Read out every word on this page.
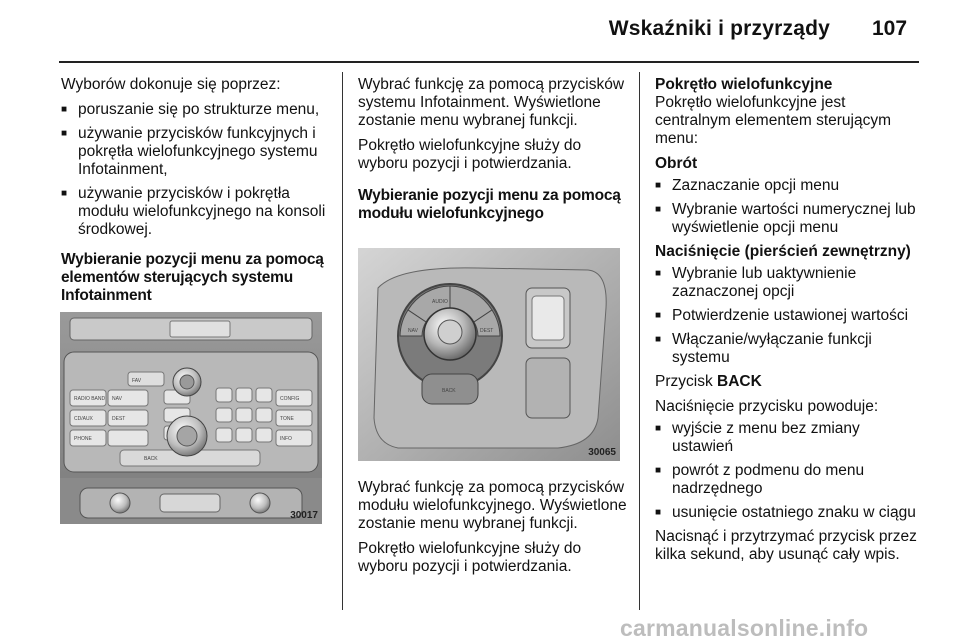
Wskaźniki i przyrządy 107

Wyborów dokonuje się poprzez:

■ poruszanie się po strukturze menu,
■ używanie przycisków funkcyjnych i pokrętła wielofunkcyjnego systemu Infotainment,
■ używanie przycisków i pokrętła modułu wielofunkcyjnego na konsoli środkowej.

Wybieranie pozycji menu za pomocą elementów sterujących systemu Infotainment

RADIO BAND
CD/AUX
PHONE
CONFIG
TONE
INFO
NAV
DEST
BACK
FAV
30017

Wybrać funkcję za pomocą przycisków systemu Infotainment. Wyświetlone zostanie menu wybranej funkcji.

Pokrętło wielofunkcyjne służy do wyboru pozycji i potwierdzania.

Wybieranie pozycji menu za pomocą modułu wielofunkcyjnego

AUDIO
NAV	DEST
BACK
30065

Wybrać funkcję za pomocą przycisków modułu wielofunkcyjnego. Wyświetlone zostanie menu wybranej funkcji.

Pokrętło wielofunkcyjne służy do wyboru pozycji i potwierdzania.

Pokrętło wielofunkcyjne

Pokrętło wielofunkcyjne jest centralnym elementem sterującym menu:

Obrót

■ Zaznaczanie opcji menu
■ Wybranie wartości numerycznej lub wyświetlenie opcji menu

Naciśnięcie (pierścień zewnętrzny)

■ Wybranie lub uaktywnienie zaznaczonej opcji
■ Potwierdzenie ustawionej wartości
■ Włączanie/wyłączanie funkcji systemu

Przycisk BACK

Naciśnięcie przycisku powoduje:

■ wyjście z menu bez zmiany ustawień
■ powrót z podmenu do menu nadrzędnego
■ usunięcie ostatniego znaku w ciągu

Nacisnąć i przytrzymać przycisk przez kilka sekund, aby usunąć cały wpis.

carmanualsonline.info
